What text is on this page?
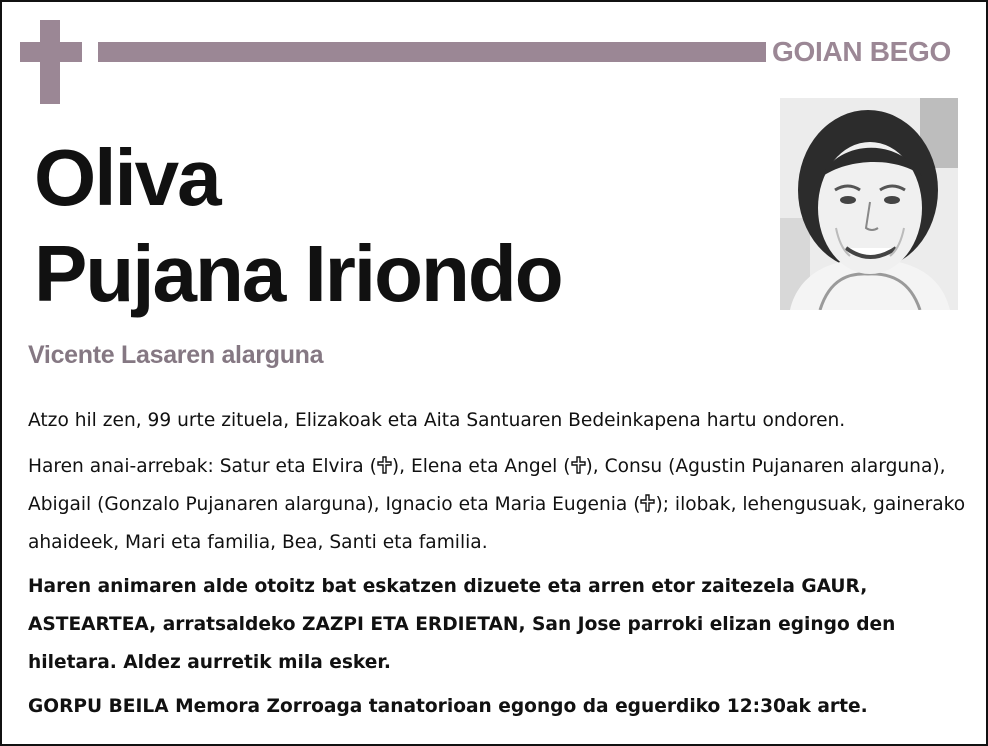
GOIAN BEGO
Oliva
Pujana Iriondo
Vicente Lasaren alarguna
Atzo hil zen, 99 urte zituela, Elizakoak eta Aita Santuaren Bedeinkapena hartu ondoren.
Haren anai-arrebak: Satur eta Elvira ( ), Elena eta Angel ( ), Consu (Agustin Pujanaren alarguna), Abigail (Gonzalo Pujanaren alarguna), Ignacio eta Maria Eugenia ( ); ilobak, lehengusuak, gainerako ahaideek, Mari eta familia, Bea, Santi eta familia.
Haren animaren alde otoitz bat eskatzen dizuete eta arren etor zaitezela GAUR, ASTEARTEA, arratsaldeko ZAZPI ETA ERDIETAN, San Jose parroki elizan egingo den hiletara. Aldez aurretik mila esker.
GORPU BEILA Memora Zorroaga tanatorioan egongo da eguerdiko 12:30ak arte.
